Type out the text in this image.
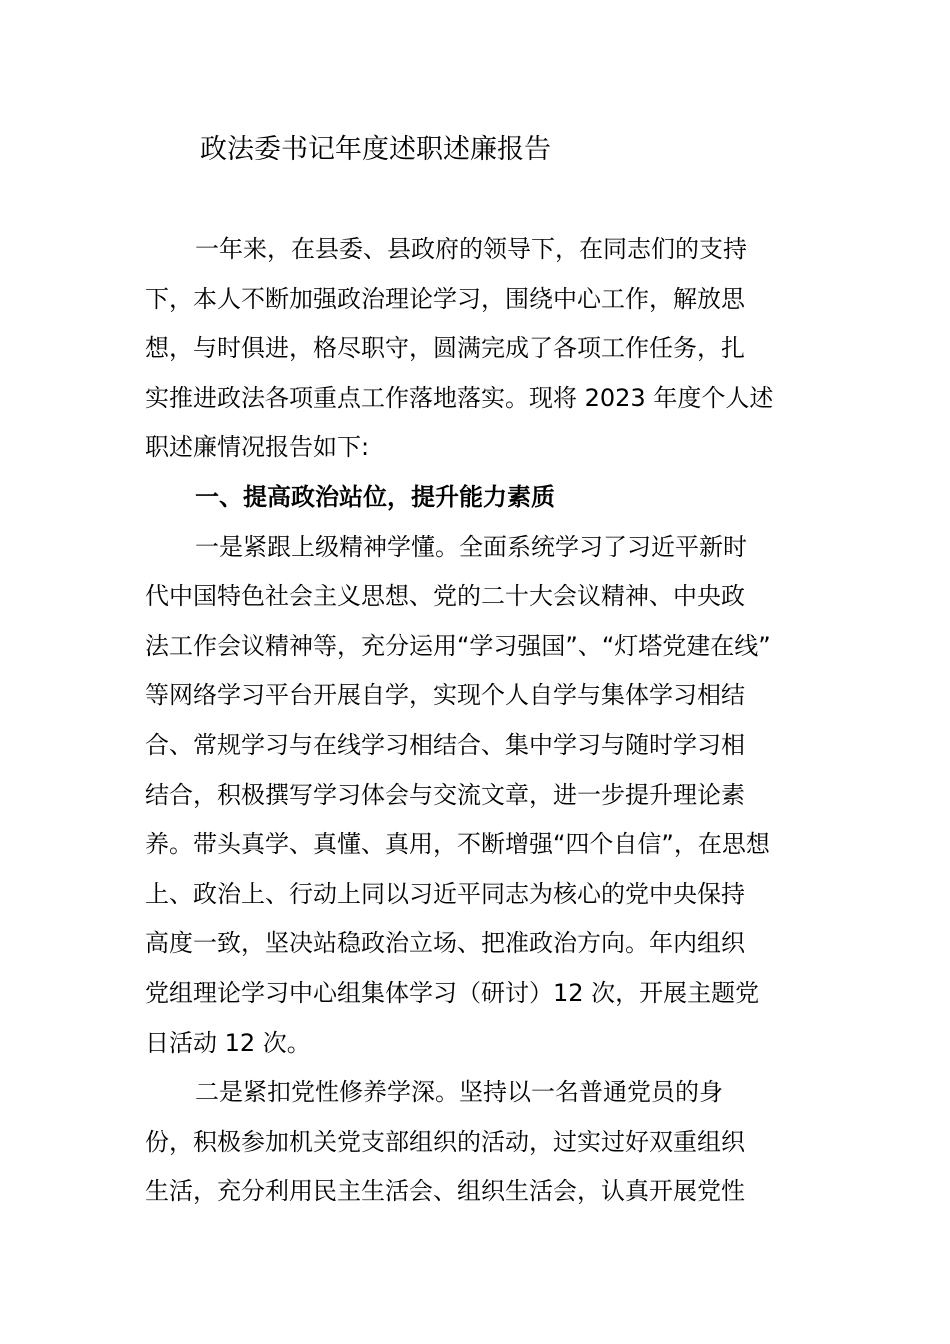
政法委书记年度述职述廉报告
一年来，在县委、县政府的领导下，在同志们的支持
下，本人不断加强政治理论学习，围绕中心工作，解放思
想，与时俱进，格尽职守，圆满完成了各项工作任务，扎
实推进政法各项重点工作落地落实。现将 2023 年度个人述
职述廉情况报告如下:
一、提高政治站位，提升能力素质
一是紧跟上级精神学懂。全面系统学习了习近平新时
代中国特色社会主义思想、党的二十大会议精神、中央政
法工作会议精神等，充分运用“学习强国”、“灯塔党建在线”
等网络学习平台开展自学，实现个人自学与集体学习相结
合、常规学习与在线学习相结合、集中学习与随时学习相
结合，积极撰写学习体会与交流文章，进一步提升理论素
养。带头真学、真懂、真用，不断增强“四个自信”，在思想
上、政治上、行动上同以习近平同志为核心的党中央保持
高度一致，坚决站稳政治立场、把准政治方向。年内组织
党组理论学习中心组集体学习（研讨）12 次，开展主题党
日活动 12 次。
二是紧扣党性修养学深。坚持以一名普通党员的身
份，积极参加机关党支部组织的活动，过实过好双重组织
生活，充分利用民主生活会、组织生活会，认真开展党性
